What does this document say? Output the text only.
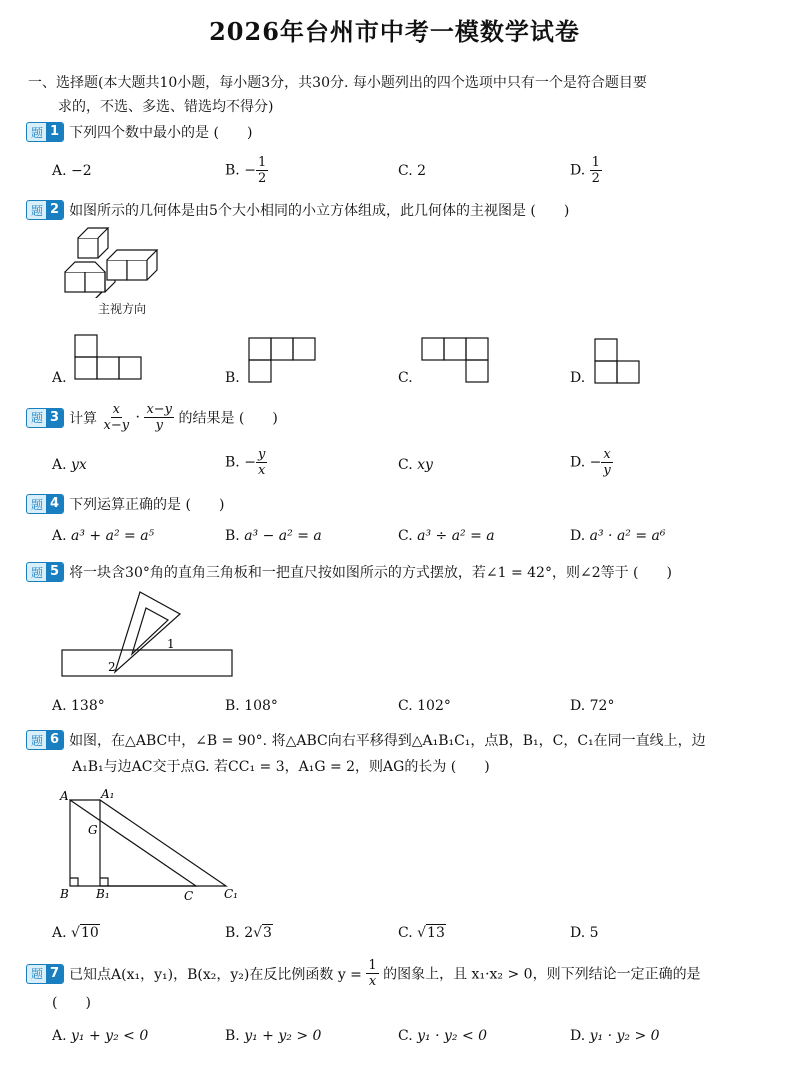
2026年台州市中考一模数学试卷
一、选择题(本大题共10小题，每小题3分，共30分. 每小题列出的四个选项中只有一个是符合题目要
求的，不选、多选、错选均不得分)
题 1 下列四个数中最小的是 (　　)
A. −2	B. − $\frac{1}{2}$	C. 2	D. $\frac{1}{2}$
题 2 如图所示的几何体是由5个大小相同的小立方体组成，此几何体的主视图是 (　　)
主视方向
A.	B.	C.	D.
题 3 计算 $\frac{x}{x-y} \cdot \frac{x-y}{y}$ 的结果是 (　　)
A. yx	B. − $\frac{y}{x}$	C. xy	D. − $\frac{x}{y}$
题 4 下列运算正确的是 (　　)
A. a³ + a² = a⁵	B. a³ − a² = a	C. a³ ÷ a² = a	D. a³ · a² = a⁶
题 5 将一块含30°角的直角三角板和一把直尺按如图所示的方式摆放，若∠1 = 42°，则∠2等于 (　　)
1
2
A. 138°	B. 108°	C. 102°	D. 72°
题 6 如图，在△ABC中，∠B = 90°. 将△ABC向右平移得到△A₁B₁C₁，点B，B₁，C，C₁在同一直线上，边
A₁B₁与边AC交于点G. 若CC₁ = 3，A₁G = 2，则AG的长为 (　　)
A	A₁
G
B B₁	C	C₁
A. √10	B. 2√3	C. √13	D. 5
题 7 已知点A(x₁，y₁)，B(x₂，y₂)在反比例函数 $y = \frac{1}{x}$ 的图象上，且 x₁·x₂ > 0，则下列结论一定正确的是
(　　)
A. y₁ + y₂ < 0	B. y₁ + y₂ > 0	C. y₁ · y₂ < 0	D. y₁ · y₂ > 0
